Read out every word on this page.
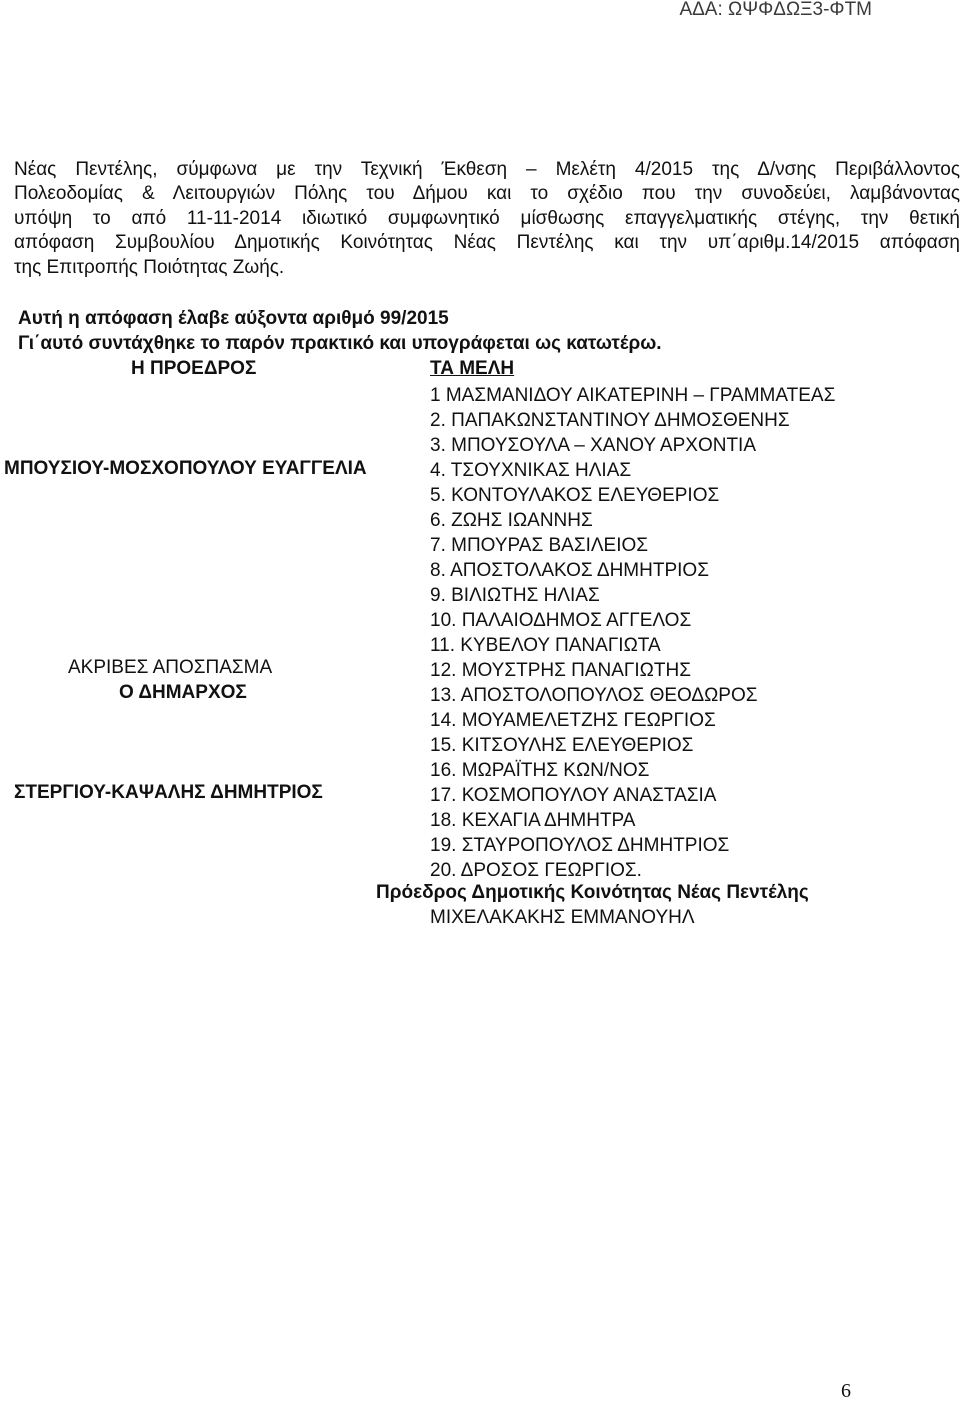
ΑΔΑ: ΩΨΦΔΩΞ3-ΦΤΜ
Νέας Πεντέλης, σύμφωνα με την Τεχνική Έκθεση – Μελέτη 4/2015 της Δ/νσης Περιβάλλοντος
Πολεοδομίας & Λειτουργιών Πόλης του Δήμου και το σχέδιο που την συνοδεύει, λαμβάνοντας
υπόψη το από 11-11-2014 ιδιωτικό συμφωνητικό μίσθωσης επαγγελματικής στέγης, την θετική
απόφαση Συμβουλίου Δημοτικής Κοινότητας Νέας Πεντέλης και την υπ΄αριθμ.14/2015 απόφαση
της Επιτροπής Ποιότητας Ζωής.
Αυτή η απόφαση έλαβε αύξοντα αριθμό 99/2015
Γι΄αυτό συντάχθηκε το παρόν πρακτικό και υπογράφεται ως κατωτέρω.
Η ΠΡΟΕΔΡΟΣ	ΤΑ ΜΕΛΗ
1 ΜΑΣΜΑΝΙΔΟΥ ΑΙΚΑΤΕΡΙΝΗ – ΓΡΑΜΜΑΤΕΑΣ
2. ΠΑΠΑΚΩΝΣΤΑΝΤΙΝΟΥ ΔΗΜΟΣΘΕΝΗΣ
3. ΜΠΟΥΣΟΥΛΑ – ΧΑΝΟΥ ΑΡΧΟΝΤΙΑ
4. ΤΣΟΥΧΝΙΚΑΣ ΗΛΙΑΣ
5. ΚΟΝΤΟΥΛΑΚΟΣ ΕΛΕΥΘΕΡΙΟΣ
6. ΖΩΗΣ ΙΩΑΝΝΗΣ
7. ΜΠΟΥΡΑΣ ΒΑΣΙΛΕΙΟΣ
8. ΑΠΟΣΤΟΛΑΚΟΣ ΔΗΜΗΤΡΙΟΣ
9. ΒΙΛΙΩΤΗΣ ΗΛΙΑΣ
10. ΠΑΛΑΙΟΔΗΜΟΣ ΑΓΓΕΛΟΣ
11. ΚΥΒΕΛΟΥ ΠΑΝΑΓΙΩΤΑ
12. ΜΟΥΣΤΡΗΣ ΠΑΝΑΓΙΩΤΗΣ
13. ΑΠΟΣΤΟΛΟΠΟΥΛΟΣ ΘΕΟΔΩΡΟΣ
14. ΜΟΥΑΜΕΛΕΤΖΗΣ ΓΕΩΡΓΙΟΣ
15. ΚΙΤΣΟΥΛΗΣ ΕΛΕΥΘΕΡΙΟΣ
16. ΜΩΡΑΪΤΗΣ ΚΩΝ/ΝΟΣ
17. ΚΟΣΜΟΠΟΥΛΟΥ ΑΝΑΣΤΑΣΙΑ
18. ΚΕΧΑΓΙΑ ΔΗΜΗΤΡΑ
19. ΣΤΑΥΡΟΠΟΥΛΟΣ ΔΗΜΗΤΡΙΟΣ
20. ΔΡΟΣΟΣ ΓΕΩΡΓΙΟΣ.
ΜΠΟΥΣΙΟΥ-ΜΟΣΧΟΠΟΥΛΟΥ ΕΥΑΓΓΕΛΙΑ
ΑΚΡΙΒΕΣ ΑΠΟΣΠΑΣΜΑ
Ο ΔΗΜΑΡΧΟΣ
ΣΤΕΡΓΙΟΥ-ΚΑΨΑΛΗΣ ΔΗΜΗΤΡΙΟΣ
Πρόεδρος Δημοτικής Κοινότητας Νέας Πεντέλης
ΜΙΧΕΛΑΚΑΚΗΣ ΕΜΜΑΝΟΥΗΛ
6
